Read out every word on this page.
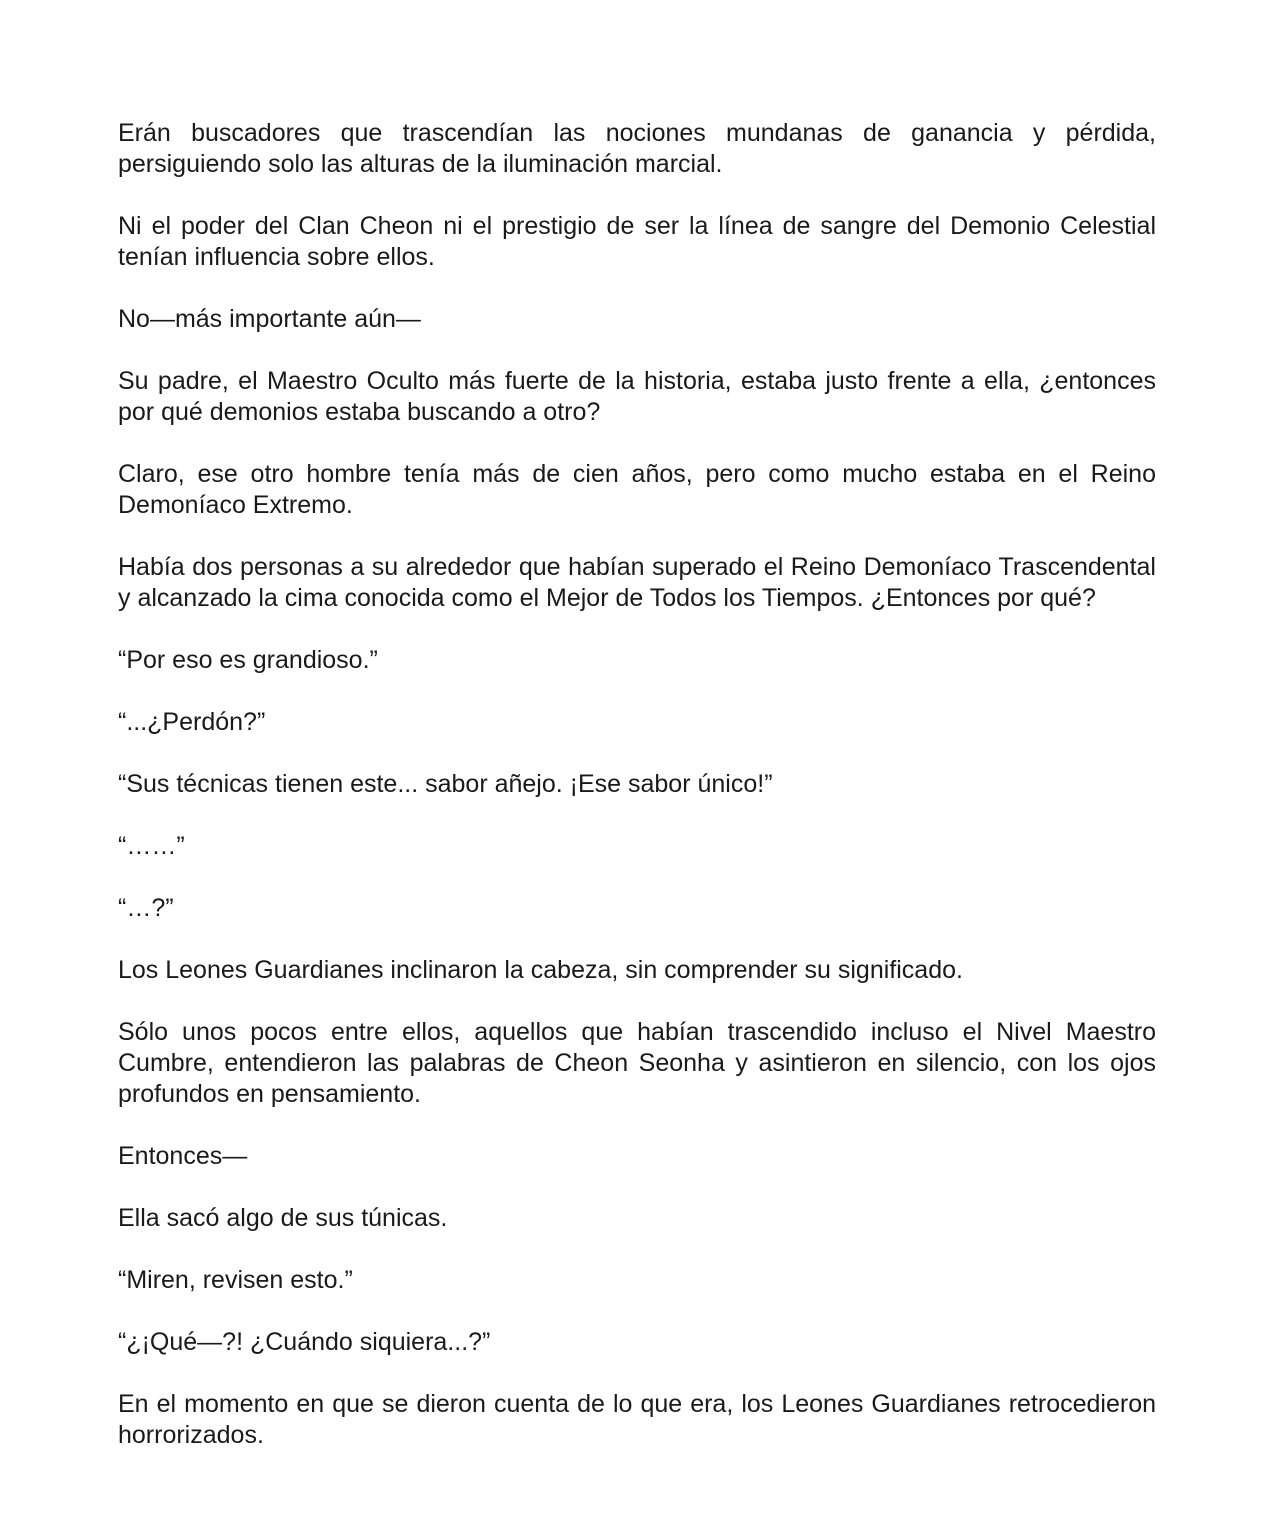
Erán buscadores que trascendían las nociones mundanas de ganancia y pérdida, persiguiendo solo las alturas de la iluminación marcial.

Ni el poder del Clan Cheon ni el prestigio de ser la línea de sangre del Demonio Celestial tenían influencia sobre ellos.

No—más importante aún—

Su padre, el Maestro Oculto más fuerte de la historia, estaba justo frente a ella, ¿entonces por qué demonios estaba buscando a otro?

Claro, ese otro hombre tenía más de cien años, pero como mucho estaba en el Reino Demoníaco Extremo.

Había dos personas a su alrededor que habían superado el Reino Demoníaco Trascendental y alcanzado la cima conocida como el Mejor de Todos los Tiempos. ¿Entonces por qué?

“Por eso es grandioso.”

“...¿Perdón?”

“Sus técnicas tienen este... sabor añejo. ¡Ese sabor único!”

“……”

“…?”

Los Leones Guardianes inclinaron la cabeza, sin comprender su significado.

Sólo unos pocos entre ellos, aquellos que habían trascendido incluso el Nivel Maestro Cumbre, entendieron las palabras de Cheon Seonha y asintieron en silencio, con los ojos profundos en pensamiento.

Entonces—

Ella sacó algo de sus túnicas.

“Miren, revisen esto.”

“¿¡Qué—?! ¿Cuándo siquiera...?”

En el momento en que se dieron cuenta de lo que era, los Leones Guardianes retrocedieron horrorizados.
